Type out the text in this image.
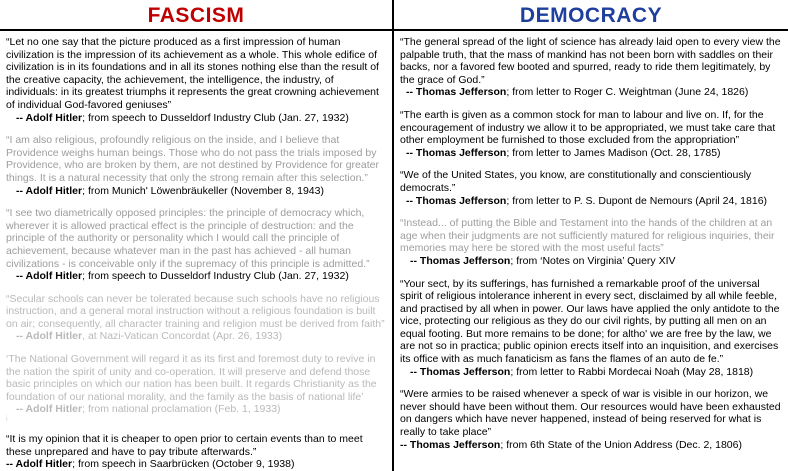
FASCISM

“Let no one say that the picture produced as a first impression of human civilization is the impression of its achievement as a whole. This whole edifice of civilization is in its foundations and in all its stones nothing else than the result of the creative capacity, the achievement, the intelligence, the industry, of individuals: in its greatest triumphs it represents the great crowning achievement of individual God-favored geniuses”

-- Adolf Hitler; from speech to Dusseldorf Industry Club (Jan. 27, 1932)

“I am also religious, profoundly religious on the inside, and I believe that Providence weighs human beings. Those who do not pass the trials imposed by Providence, who are broken by them, are not destined by Providence for greater things. It is a natural necessity that only the strong remain after this selection.”

-- Adolf Hitler; from Munich' Löwenbräukeller (November 8, 1943)

“I see two diametrically opposed principles: the principle of democracy which, wherever it is allowed practical effect is the principle of destruction: and the principle of the authority or personality which I would call the principle of achievement, because whatever man in the past has achieved - all human civilizations - is conceivable only if the supremacy of this principle is admitted.”

-- Adolf Hitler; from speech to Dusseldorf Industry Club (Jan. 27, 1932)

“Secular schools can never be tolerated because such schools have no religious instruction, and a general moral instruction without a religious foundation is built on air; consequently, all character training and religion must be derived from faith”

-- Adolf Hitler, at Nazi-Vatican Concordat (Apr. 26, 1933)

‘The National Government will regard it as its first and foremost duty to revive in the nation the spirit of unity and co-operation. It will preserve and defend those basic principles on which our nation has been built. It regards Christianity as the foundation of our national morality, and the family as the basis of national life’

-- Adolf Hitler; from national proclamation (Feb. 1, 1933)

i

“It is my opinion that it is cheaper to open prior to certain events than to meet these unprepared and have to pay tribute afterwards.”

-- Adolf Hitler; from speech in Saarbrücken (October 9, 1938)

DEMOCRACY

“The general spread of the light of science has already laid open to every view the palpable truth, that the mass of mankind has not been born with saddles on their backs, nor a favored few booted and spurred, ready to ride them legitimately, by the grace of God.”

-- Thomas Jefferson; from letter to Roger C. Weightman (June 24, 1826)

“The earth is given as a common stock for man to labour and live on. If, for the encouragement of industry we allow it to be appropriated, we must take care that other employment be furnished to those excluded from the appropriation”

-- Thomas Jefferson; from letter to James Madison (Oct. 28, 1785)

“We of the United States, you know, are constitutionally and conscientiously democrats.”

-- Thomas Jefferson; from letter to P. S. Dupont de Nemours (April 24, 1816)

“Instead... of putting the Bible and Testament into the hands of the children at an age when their judgments are not sufficiently matured for religious inquiries, their memories may here be stored with the most useful facts”

-- Thomas Jefferson; from ‘Notes on Virginia’ Query XIV

“Your sect, by its sufferings, has furnished a remarkable proof of the universal spirit of religious intolerance inherent in every sect, disclaimed by all while feeble, and practised by all when in power. Our laws have applied the only antidote to the vice, protecting our religious as they do our civil rights, by putting all men on an equal footing. But more remains to be done; for altho' we are free by the law, we are not so in practica; public opinion erects itself into an inquisition, and exercises its office with as much fanaticism as fans the flames of an auto de fe.”

-- Thomas Jefferson; from letter to Rabbi Mordecai Noah (May 28, 1818)

“Were armies to be raised whenever a speck of war is visible in our horizon, we never should have been without them. Our resources would have been exhausted on dangers which have never happened, instead of being reserved for what is really to take place”

-- Thomas Jefferson; from 6th State of the Union Address (Dec. 2, 1806)
